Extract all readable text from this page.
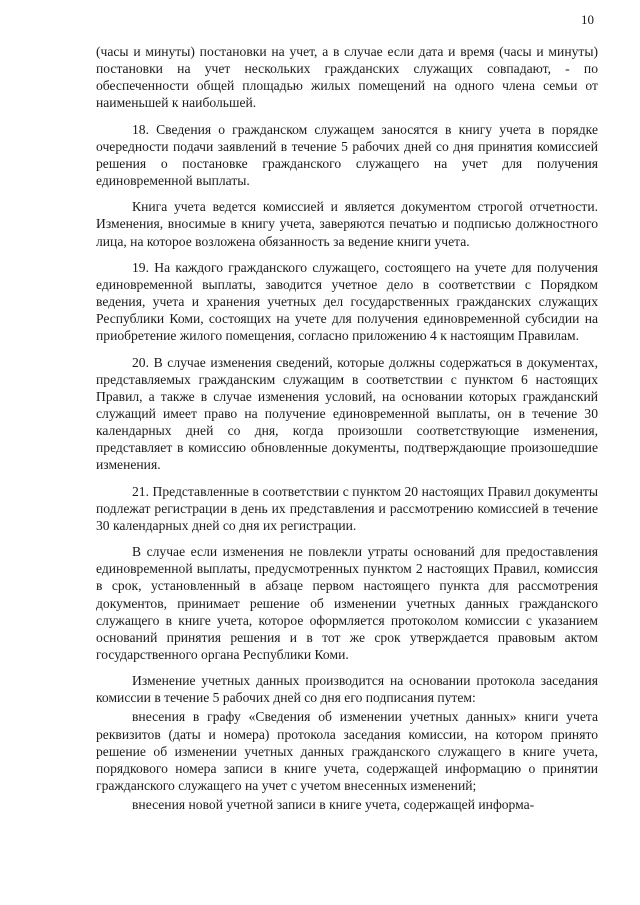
10

(часы и минуты) постановки на учет, а в случае если дата и время (часы и минуты) постановки на учет нескольких гражданских служащих совпадают, - по обеспеченности общей площадью жилых помещений на одного члена семьи от наименьшей к наибольшей.

18. Сведения о гражданском служащем заносятся в книгу учета в порядке очередности подачи заявлений в течение 5 рабочих дней со дня принятия комиссией решения о постановке гражданского служащего на учет для получения единовременной выплаты.

Книга учета ведется комиссией и является документом строгой отчетности. Изменения, вносимые в книгу учета, заверяются печатью и подписью должностного лица, на которое возложена обязанность за ведение книги учета.

19. На каждого гражданского служащего, состоящего на учете для получения единовременной выплаты, заводится учетное дело в соответствии с Порядком ведения, учета и хранения учетных дел государственных гражданских служащих Республики Коми, состоящих на учете для получения единовременной субсидии на приобретение жилого помещения, согласно приложению 4 к настоящим Правилам.

20. В случае изменения сведений, которые должны содержаться в документах, представляемых гражданским служащим в соответствии с пунктом 6 настоящих Правил, а также в случае изменения условий, на основании которых гражданский служащий имеет право на получение единовременной выплаты, он в течение 30 календарных дней со дня, когда произошли соответствующие изменения, представляет в комиссию обновленные документы, подтверждающие произошедшие изменения.

21. Представленные в соответствии с пунктом 20 настоящих Правил документы подлежат регистрации в день их представления и рассмотрению комиссией в течение 30 календарных дней со дня их регистрации.

В случае если изменения не повлекли утраты оснований для предоставления единовременной выплаты, предусмотренных пунктом 2 настоящих Правил, комиссия в срок, установленный в абзаце первом настоящего пункта для рассмотрения документов, принимает решение об изменении учетных данных гражданского служащего в книге учета, которое оформляется протоколом комиссии с указанием оснований принятия решения и в тот же срок утверждается правовым актом государственного органа Республики Коми.

Изменение учетных данных производится на основании протокола заседания комиссии в течение 5 рабочих дней со дня его подписания путем:

внесения в графу «Сведения об изменении учетных данных» книги учета реквизитов (даты и номера) протокола заседания комиссии, на котором принято решение об изменении учетных данных гражданского служащего в книге учета, порядкового номера записи в книге учета, содержащей информацию о принятии гражданского служащего на учет с учетом внесенных изменений;

внесения новой учетной записи в книге учета, содержащей информа-
